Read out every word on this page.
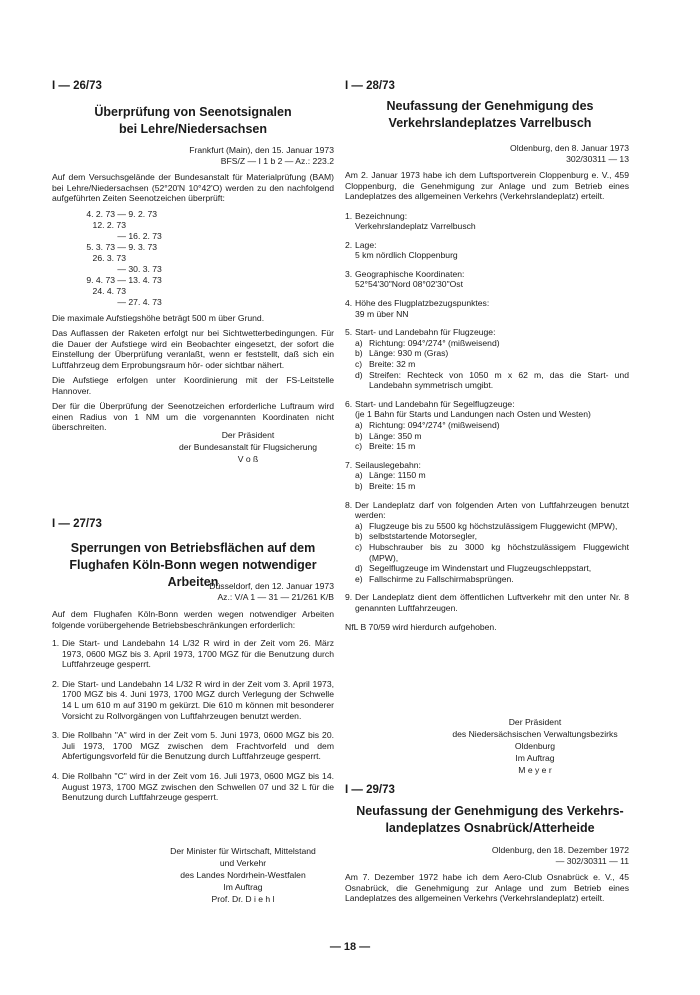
I — 26/73
Überprüfung von Seenotsignalen
bei Lehre/Niedersachsen
Frankfurt (Main), den 15. Januar 1973
BFS/Z — I 1 b 2 — Az.: 223.2

Auf dem Versuchsgelände der Bundesanstalt für Materialprüfung (BAM) bei Lehre/Niedersachsen (52°20'N 10°42'O) werden zu den nachfolgend aufgeführten Zeiten Seenotzeichen überprüft:

4. 2. 73 — 9. 2. 73
12. 2. 73 — 16. 2. 73
5. 3. 73 — 9. 3. 73
26. 3. 73 — 30. 3. 73
9. 4. 73 — 13. 4. 73
24. 4. 73 — 27. 4. 73

Die maximale Aufstiegshöhe beträgt 500 m über Grund.

Das Auflassen der Raketen erfolgt nur bei Sichtwetterbedingungen. Für die Dauer der Aufstiege wird ein Beobachter eingesetzt, der sofort die Einstellung der Überprüfung veranlaßt, wenn er feststellt, daß sich ein Luftfahrzeug dem Erprobungsraum hör- oder sichtbar nähert.

Die Aufstiege erfolgen unter Koordinierung mit der FS-Leitstelle Hannover.

Der für die Überprüfung der Seenotzeichen erforderliche Luftraum wird einen Radius von 1 NM um die vorgenannten Koordinaten nicht überschreiten.

Der Präsident
der Bundesanstalt für Flugsicherung
V o ß
I — 27/73
Sperrungen von Betriebsflächen auf dem
Flughafen Köln-Bonn wegen notwendiger Arbeiten
Düsseldorf, den 12. Januar 1973
Az.: V/A 1 — 31 — 21/261 K/B

Auf dem Flughafen Köln-Bonn werden wegen notwendiger Arbeiten folgende vorübergehende Betriebsbeschränkungen erforderlich:

1. Die Start- und Landebahn 14 L/32 R wird in der Zeit vom 26. März 1973, 0600 MGZ bis 3. April 1973, 1700 MGZ für die Benutzung durch Luftfahrzeuge gesperrt.
2. Die Start- und Landebahn 14 L/32 R wird in der Zeit vom 3. April 1973, 1700 MGZ bis 4. Juni 1973, 1700 MGZ durch Verlegung der Schwelle 14 L um 610 m auf 3190 m gekürzt. Die 610 m können mit besonderer Vorsicht zu Rollvorgängen von Luftfahrzeugen benutzt werden.
3. Die Rollbahn "A" wird in der Zeit vom 5. Juni 1973, 0600 MGZ bis 20. Juli 1973, 1700 MGZ zwischen dem Frachtvorfeld und dem Abfertigungsvorfeld für die Benutzung durch Luftfahrzeuge gesperrt.
4. Die Rollbahn "C" wird in der Zeit vom 16. Juli 1973, 0600 MGZ bis 14. August 1973, 1700 MGZ zwischen den Schwellen 07 und 32 L für die Benutzung durch Luftfahrzeuge gesperrt.
Der Minister für Wirtschaft, Mittelstand
und Verkehr
des Landes Nordrhein-Westfalen
Im Auftrag
Prof. Dr. D i e h l
I — 28/73
Neufassung der Genehmigung des
Verkehrslandeplatzes Varrelbusch
Oldenburg, den 8. Januar 1973
302/30311 — 13

Am 2. Januar 1973 habe ich dem Luftsportverein Cloppenburg e. V., 459 Cloppenburg, die Genehmigung zur Anlage und zum Betrieb eines Landeplatzes des allgemeinen Verkehrs (Verkehrslandeplatz) erteilt.

1. Bezeichnung:
Verkehrslandeplatz Varrelbusch
2. Lage:
5 km nördlich Cloppenburg
3. Geographische Koordinaten:
52°54'30"Nord 08°02'30"Ost
4. Höhe des Flugplatzbezugspunktes:
39 m über NN
5. Start- und Landebahn für Flugzeuge:
a) Richtung: 094°/274° (mißweisend)
b) Länge: 930 m (Gras)
c) Breite: 32 m
d) Streifen: Rechteck von 1050 m x 62 m, das die Start- und Landebahn symmetrisch umgibt.
6. Start- und Landebahn für Segelflugzeuge:
(je 1 Bahn für Starts und Landungen nach Osten und Westen)
a) Richtung: 094°/274° (mißweisend)
b) Länge: 350 m
c) Breite: 15 m
7. Seilauslegebahn:
a) Länge: 1150 m
b) Breite: 15 m
8. Der Landeplatz darf von folgenden Arten von Luftfahrzeugen benutzt werden:
a) Flugzeuge bis zu 5500 kg höchstzulässigem Fluggewicht (MPW),
b) selbststartende Motorsegler,
c) Hubschrauber bis zu 3000 kg höchstzulässigem Fluggewicht (MPW),
d) Segelflugzeuge im Windenstart und Flugzeugschleppstart,
e) Fallschirme zu Fallschirmabsprüngen.
9. Der Landeplatz dient dem öffentlichen Luftverkehr mit den unter Nr. 8 genannten Luftfahrzeugen.

NfL B 70/59 wird hierdurch aufgehoben.

Der Präsident
des Niedersächsischen Verwaltungsbezirks
Oldenburg
Im Auftrag
M e y e r
I — 29/73
Neufassung der Genehmigung des Verkehrs-
landeplatzes Osnabrück/Atterheide
Oldenburg, den 18. Dezember 1972
— 302/30311 — 11

Am 7. Dezember 1972 habe ich dem Aero-Club Osnabrück e. V., 45 Osnabrück, die Genehmigung zur Anlage und zum Betrieb eines Landeplatzes des allgemeinen Verkehrs (Verkehrslandeplatz) erteilt.

— 18 —
